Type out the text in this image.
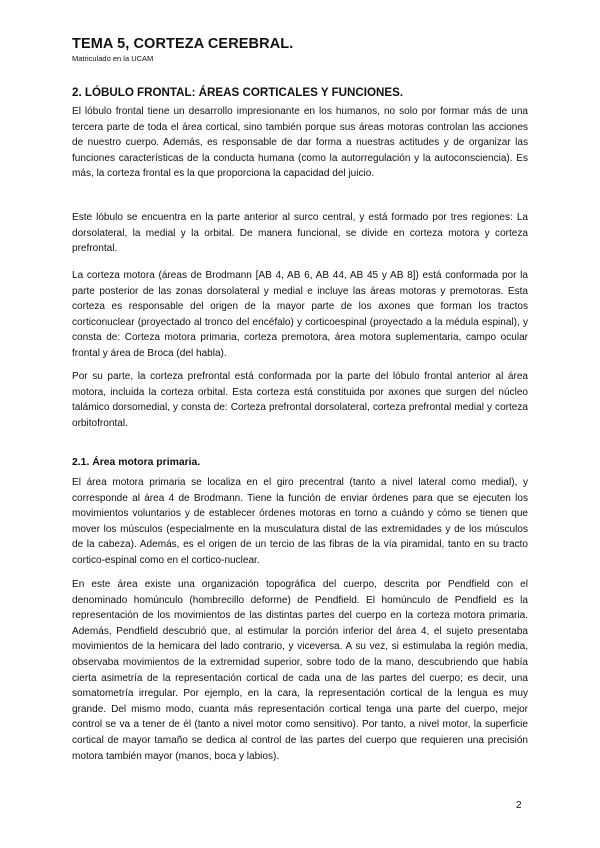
TEMA 5, CORTEZA CEREBRAL.

Matriculado en la UCAM

2. LÓBULO FRONTAL: ÁREAS CORTICALES Y FUNCIONES.

El lóbulo frontal tiene un desarrollo impresionante en los humanos, no solo por formar más de una tercera parte de toda el área cortical, sino también porque sus áreas motoras controlan las acciones de nuestro cuerpo. Además, es responsable de dar forma a nuestras actitudes y de organizar las funciones características de la conducta humana (como la autorregulación y la autoconsciencia). Es más, la corteza frontal es la que proporciona la capacidad del juicio.

Este lóbulo se encuentra en la parte anterior al surco central, y está formado por tres regiones: La dorsolateral, la medial y la orbital. De manera funcional, se divide en corteza motora y corteza prefrontal.

La corteza motora (áreas de Brodmann [AB 4, AB 6, AB 44, AB 45 y AB 8]) está conformada por la parte posterior de las zonas dorsolateral y medial e incluye las áreas motoras y premotoras. Esta corteza es responsable del origen de la mayor parte de los axones que forman los tractos corticonuclear (proyectado al tronco del encéfalo) y corticoespinal (proyectado a la médula espinal), y consta de: Corteza motora primaria, corteza premotora, área motora suplementaria, campo ocular frontal y área de Broca (del habla).

Por su parte, la corteza prefrontal está conformada por la parte del lóbulo frontal anterior al área motora, incluida la corteza orbital. Esta corteza está constituida por axones que surgen del núcleo talámico dorsomedial, y consta de: Corteza prefrontal dorsolateral, corteza prefrontal medial y corteza orbitofrontal.

2.1. Área motora primaria.

El área motora primaria se localiza en el giro precentral (tanto a nivel lateral como medial), y corresponde al área 4 de Brodmann. Tiene la función de enviar órdenes para que se ejecuten los movimientos voluntarios y de establecer órdenes motoras en torno a cuándo y cómo se tienen que mover los músculos (especialmente en la musculatura distal de las extremidades y de los músculos de la cabeza). Además, es el origen de un tercio de las fibras de la vía piramidal, tanto en su tracto cortico-espinal como en el cortico-nuclear.

En este área existe una organización topográfica del cuerpo, descrita por Pendfield con el denominado homúnculo (hombrecillo deforme) de Pendfield. El homúnculo de Pendfield es la representación de los movimientos de las distintas partes del cuerpo en la corteza motora primaria. Además, Pendfield descubrió que, al estimular la porción inferior del área 4, el sujeto presentaba movimientos de la hemicara del lado contrario, y viceversa. A su vez, si estimulaba la región media, observaba movimientos de la extremidad superior, sobre todo de la mano, descubriendo que había cierta asimetría de la representación cortical de cada una de las partes del cuerpo; es decir, una somatometría irregular. Por ejemplo, en la cara, la representación cortical de la lengua es muy grande. Del mismo modo, cuanta más representación cortical tenga una parte del cuerpo, mejor control se va a tener de él (tanto a nivel motor como sensitivo). Por tanto, a nivel motor, la superficie cortical de mayor tamaño se dedica al control de las partes del cuerpo que requieren una precisión motora también mayor (manos, boca y labios).

2
